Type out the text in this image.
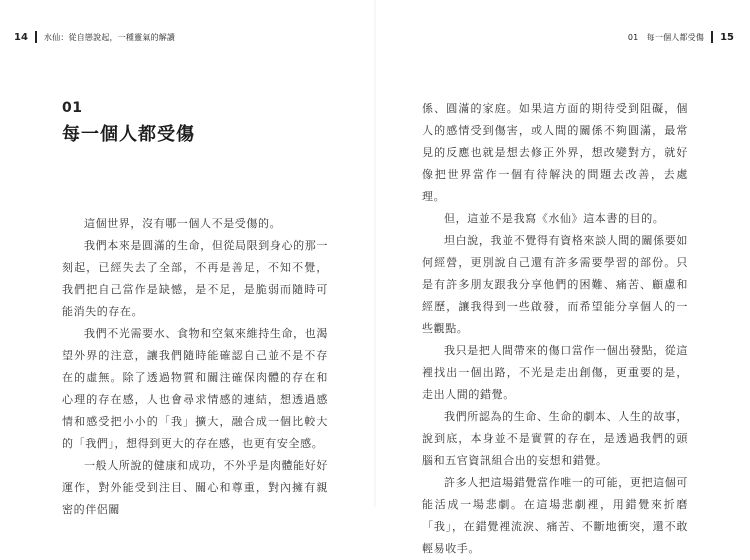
14 水仙：從自戀說起，一種靈氣的解讀
01
每一個人都受傷

這個世界，沒有哪一個人不是受傷的。

我們本來是圓滿的生命，但從局限到身心的那一刻起，已經失去了全部，不再是善足，不知不覺，我們把自己當作是缺憾，是不足，是脆弱而隨時可能消失的存在。

我們不光需要水、食物和空氣來維持生命，也渴望外界的注意，讓我們隨時能確認自己並不是不存在的虛無。除了透過物質和關注確保肉體的存在和心理的存在感，人也會尋求情感的連結，想透過感情和感受把小小的「我」擴大，融合成一個比較大的「我們」，想得到更大的存在感，也更有安全感。

一般人所說的健康和成功，不外乎是肉體能好好運作，對外能受到注目、關心和尊重，對內擁有親密的伴侶關

01　每一個人都受傷 15

係、圓滿的家庭。如果這方面的期待受到阻礙，個人的感情受到傷害，或人間的關係不夠圓滿，最常見的反應也就是想去修正外界，想改變對方，就好像把世界當作一個有待解決的問題去改善，去處理。

但，這並不是我寫《水仙》這本書的目的。

坦白說，我並不覺得有資格來談人間的關係要如何經營，更別說自己還有許多需要學習的部份。只是有許多朋友跟我分享他們的困難、痛苦、顧慮和經歷，讓我得到一些啟發，而希望能分享個人的一些觀點。

我只是把人間帶來的傷口當作一個出發點，從這裡找出一個出路，不光是走出創傷，更重要的是，走出人間的錯覺。

我們所認為的生命、生命的劇本、人生的故事，說到底，本身並不是實質的存在，是透過我們的頭腦和五官資訊組合出的妄想和錯覺。

許多人把這場錯覺當作唯一的可能，更把這個可能活成一場悲劇。在這場悲劇裡，用錯覺來折磨「我」，在錯覺裡流淚、痛苦、不斷地衝突，還不敢輕易收手。
